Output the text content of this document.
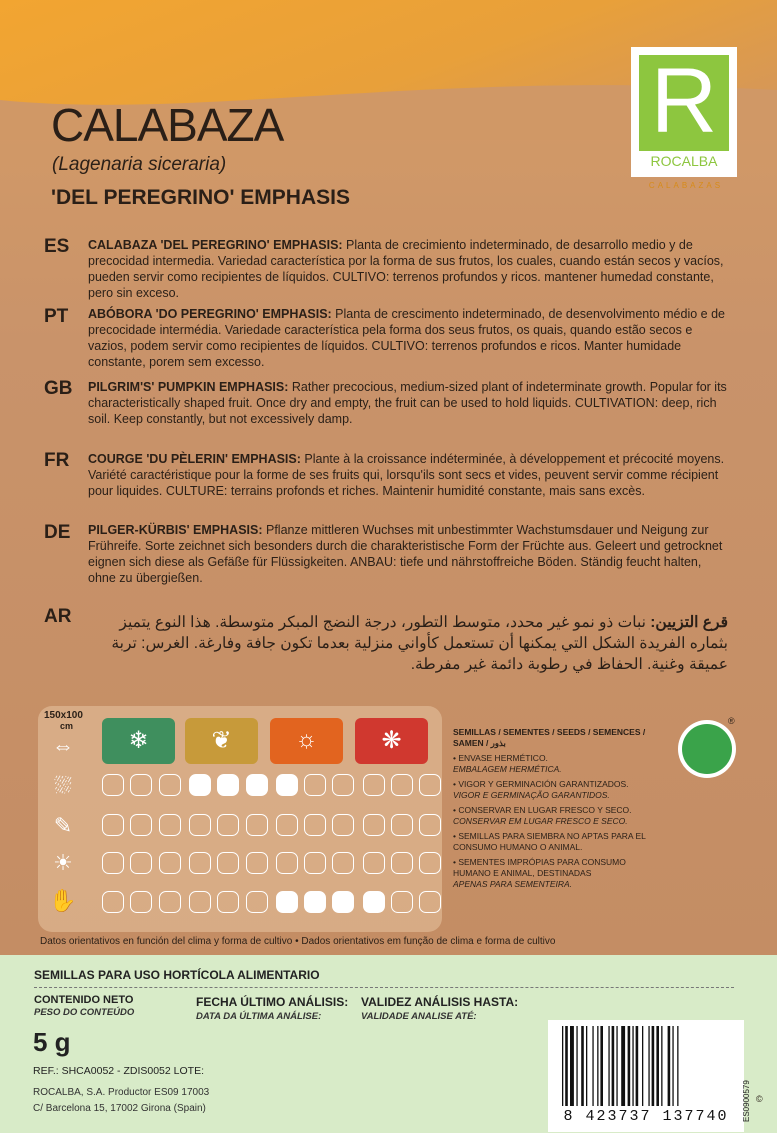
R
ROCALBA
CALABAZAS
CALABAZA
(Lagenaria siceraria)
'DEL PEREGRINO' EMPHASIS
ES CALABAZA 'DEL PEREGRINO' EMPHASIS: Planta de crecimiento indeterminado, de desarrollo medio y de precocidad intermedia. Variedad característica por la forma de sus frutos, los cuales, cuando están secos y vacíos, pueden servir como recipientes de líquidos. CULTIVO: terrenos profundos y ricos. mantener humedad constante, pero sin exceso.
PT ABÓBORA 'DO PEREGRINO' EMPHASIS: Planta de crescimento indeterminado, de desenvolvimento médio e de precocidade intermédia. Variedade característica pela forma dos seus frutos, os quais, quando estão secos e vazios, podem servir como recipientes de líquidos. CULTIVO: terrenos profundos e ricos. Manter humidade constante, porem sem excesso.
GB PILGRIM'S' PUMPKIN EMPHASIS: Rather precocious, medium-sized plant of indeterminate growth. Popular for its characteristically shaped fruit. Once dry and empty, the fruit can be used to hold liquids. CULTIVATION: deep, rich soil. Keep constantly, but not excessively damp.
FR COURGE 'DU PÈLERIN' EMPHASIS: Plante à la croissance indéterminée, à développement et précocité moyens. Variété caractéristique pour la forme de ses fruits qui, lorsqu'ils sont secs et vides, peuvent servir comme récipient pour liquides. CULTURE: terrains profonds et riches. Maintenir humidité constante, mais sans excès.
DE PILGER-KÜRBIS' EMPHASIS: Pflanze mittleren Wuchses mit unbestimmter Wachstumsdauer und Neigung zur Frühreife. Sorte zeichnet sich besonders durch die charakteristische Form der Früchte aus. Geleert und getrocknet eignen sich diese als Gefäße für Flüssigkeiten. ANBAU: tiefe und nährstoffreiche Böden. Ständig feucht halten, ohne zu übergießen.
AR	قرع التزيين: نبات ذو نمو غير محدد، متوسط التطور، درجة النضج المبكر متوسطة. هذا النوع يتميز بثماره الفريدة الشكل التي يمكنها أن تستعمل كأواني منزلية بعدما تكون جافة وفارغة. الغرس: تربة عميقة وغنية. الحفاظ في رطوبة دائمة غير مفرطة.
150x100
cm
⇔	❄	❦	☼	❋
⛆
✎
☀
✋
SEMILLAS / SEMENTES / SEEDS / SEMENCES / SAMEN / بذور
• ENVASE HERMÉTICO.
EMBALAGEM HERMÉTICA.
• VIGOR Y GERMINACIÓN GARANTIZADOS.
VIGOR E GERMINAÇÃO GARANTIDOS.
• CONSERVAR EN LUGAR FRESCO Y SECO.
CONSERVAR EM LUGAR FRESCO E SECO.
• SEMILLAS PARA SIEMBRA NO APTAS PARA EL CONSUMO HUMANO O ANIMAL.
• SEMENTES IMPRÓPIAS PARA CONSUMO HUMANO E ANIMAL, DESTINADAS
APENAS PARA SEMENTEIRA.
®
Datos orientativos en función del clima y forma de cultivo • Dados orientativos em função de clima e forma de cultivo
SEMILLAS PARA USO HORTÍCOLA ALIMENTARIO
CONTENIDO NETO
PESO DO CONTEÚDO
5 g
FECHA ÚLTIMO ANÁLISIS:
DATA DA ÚLTIMA ANÁLISE:
VALIDEZ ANÁLISIS HASTA:
VALIDADE ANALISE ATÉ:
REF.: SHCA0052 - ZDIS0052 LOTE:
ROCALBA, S.A. Productor ES09 17003
C/ Barcelona 15, 17002 Girona (Spain)	8 423737 137740	ES0900579 ©
